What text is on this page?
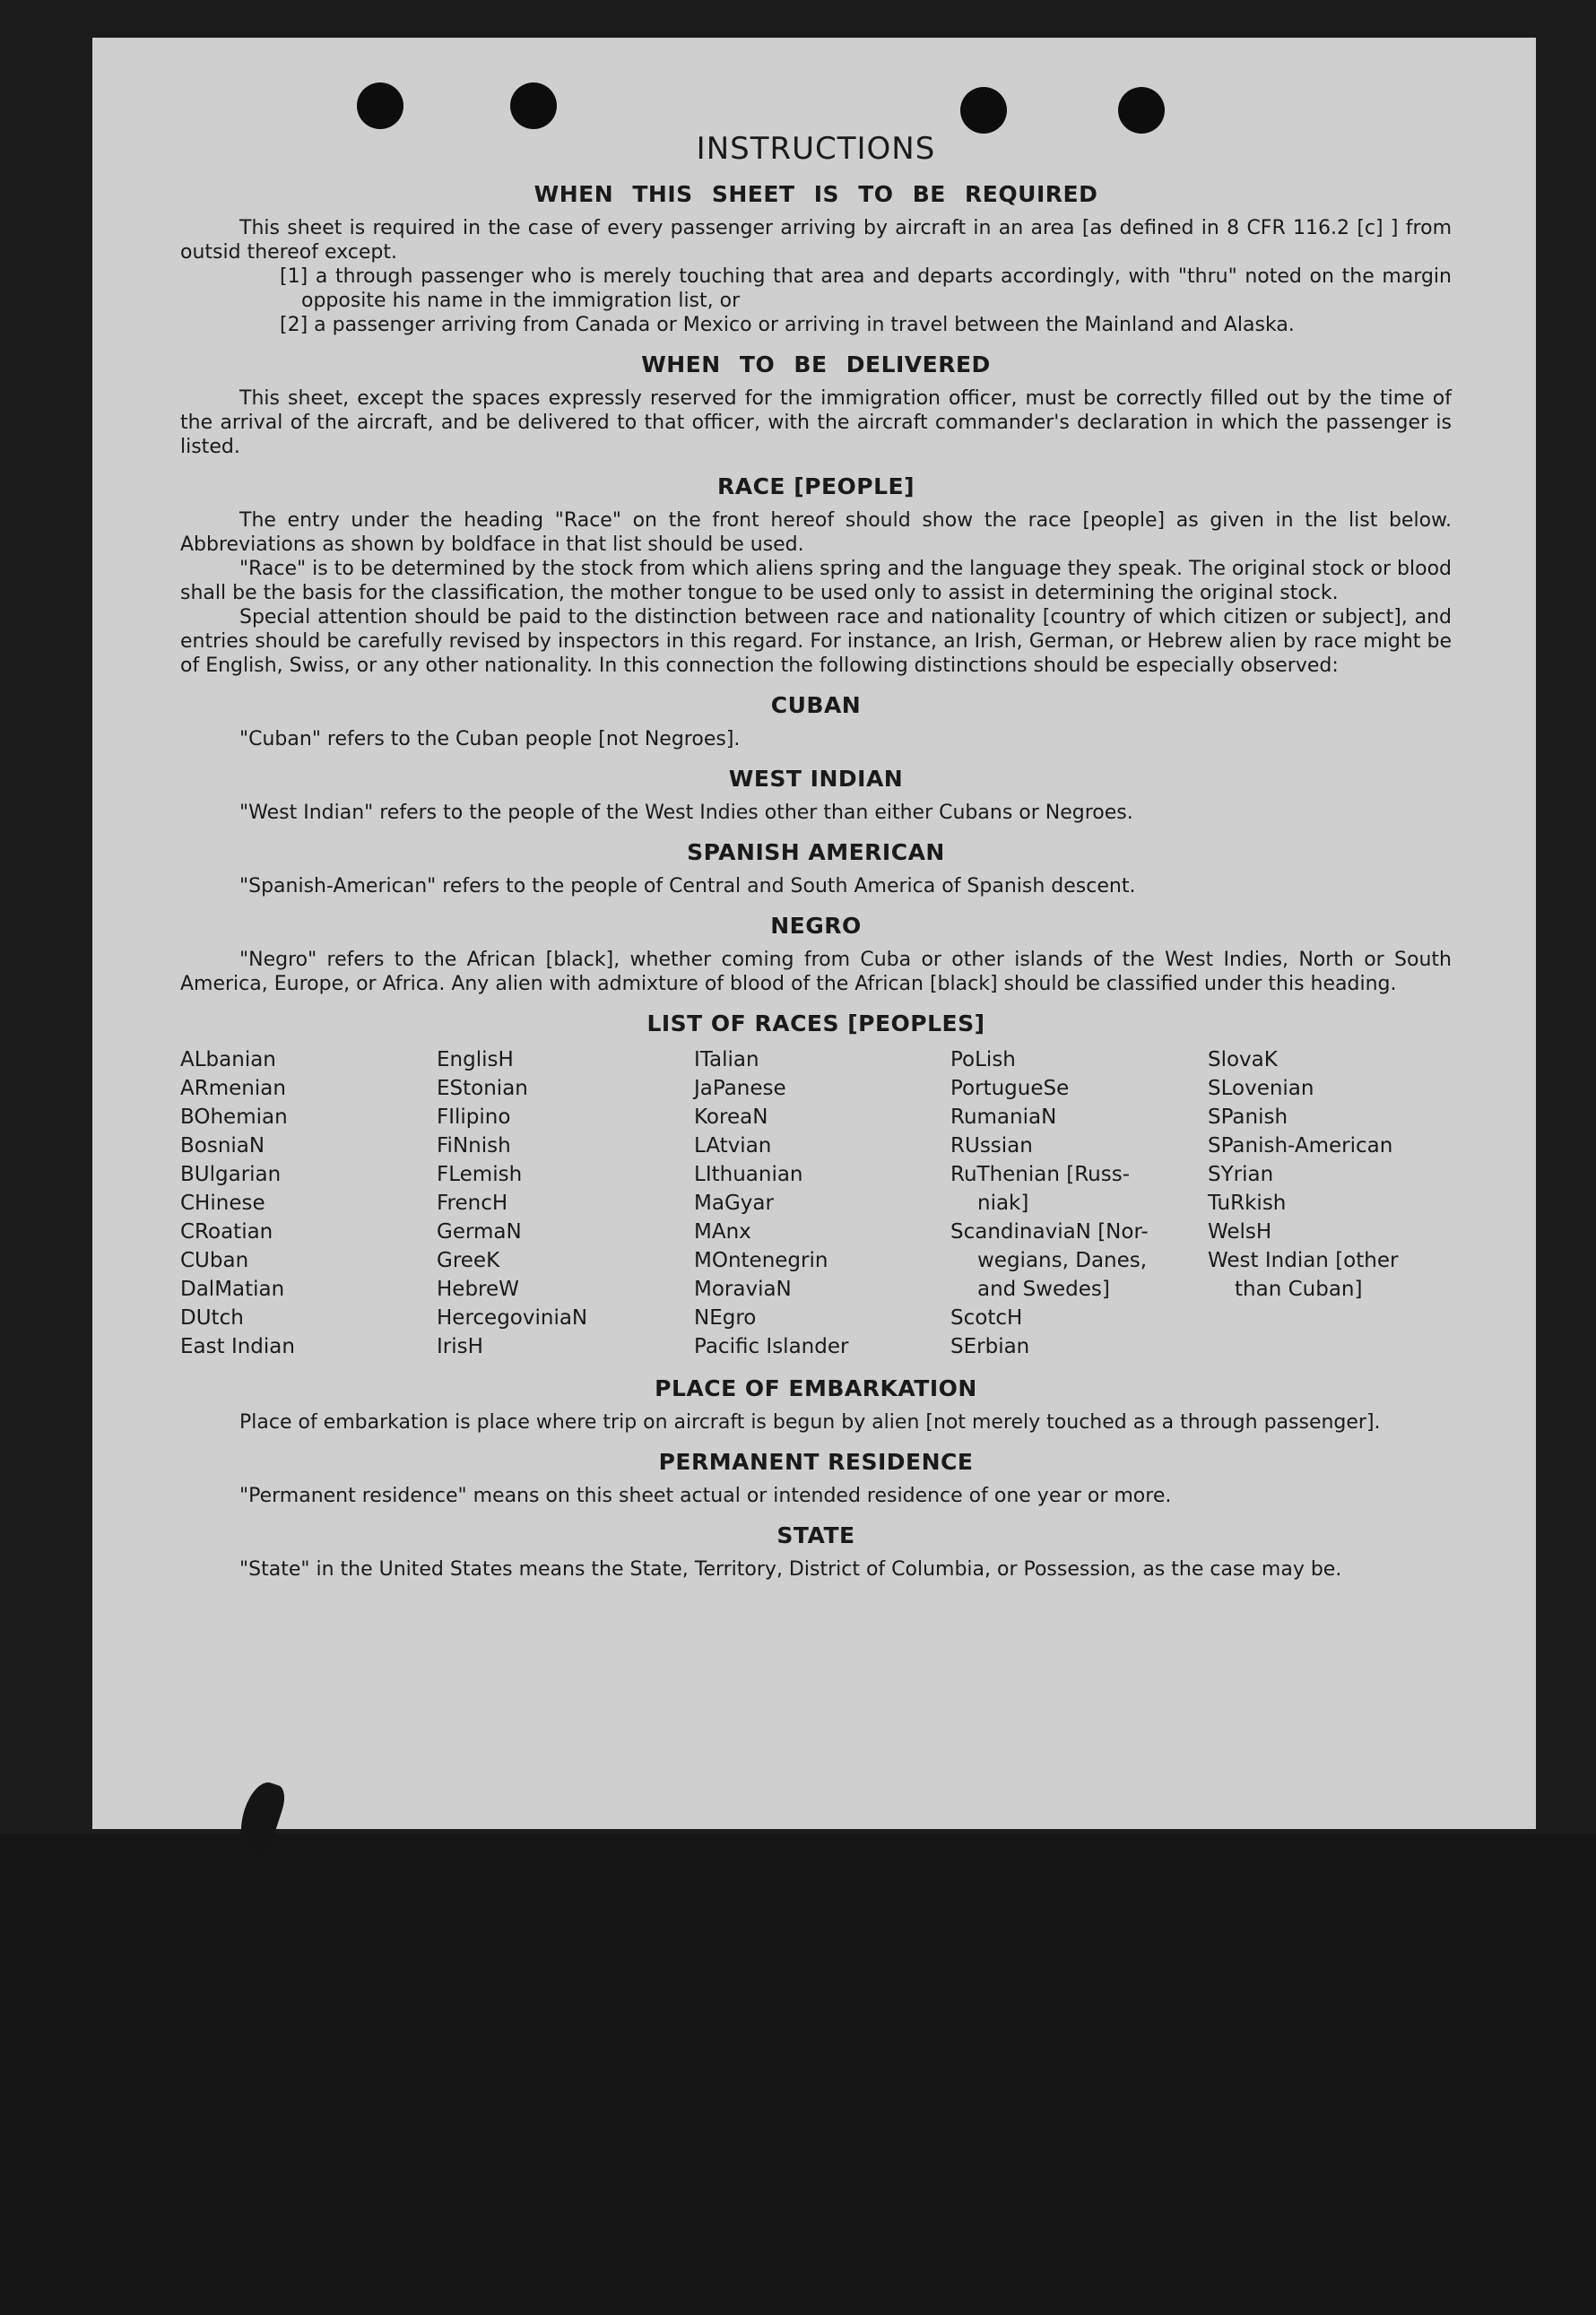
INSTRUCTIONS
WHEN THIS SHEET IS TO BE REQUIRED

This sheet is required in the case of every passenger arriving by aircraft in an area [as defined in 8 CFR 116.2 [c] ] from outsid thereof except.

[1] a through passenger who is merely touching that area and departs accordingly, with "thru" noted on the margin opposite his name in the immigration list, or

[2] a passenger arriving from Canada or Mexico or arriving in travel between the Mainland and Alaska.

WHEN TO BE DELIVERED

This sheet, except the spaces expressly reserved for the immigration officer, must be correctly filled out by the time of the arrival of the aircraft, and be delivered to that officer, with the aircraft commander's declaration in which the passenger is listed.

RACE [PEOPLE]

The entry under the heading "Race" on the front hereof should show the race [people] as given in the list below. Abbreviations as shown by boldface in that list should be used.

"Race" is to be determined by the stock from which aliens spring and the language they speak. The original stock or blood shall be the basis for the classification, the mother tongue to be used only to assist in determining the original stock.

Special attention should be paid to the distinction between race and nationality [country of which citizen or subject], and entries should be carefully revised by inspectors in this regard. For instance, an Irish, German, or Hebrew alien by race might be of English, Swiss, or any other nationality. In this connection the following distinctions should be especially observed:

CUBAN

"Cuban" refers to the Cuban people [not Negroes].

WEST INDIAN

"West Indian" refers to the people of the West Indies other than either Cubans or Negroes.

SPANISH AMERICAN

"Spanish-American" refers to the people of Central and South America of Spanish descent.

NEGRO

"Negro" refers to the African [black], whether coming from Cuba or other islands of the West Indies, North or South America, Europe, or Africa. Any alien with admixture of blood of the African [black] should be classified under this heading.

LIST OF RACES [PEOPLES]
ALbanian
ARmenian
BOhemian
BosniaN
BUlgarian
CHinese
CRoatian
CUban
DalMatian
DUtch
East Indian
EnglisH
EStonian
FIlipino
FiNnish
FLemish
FrencH
GermaN
GreeK
HebreW
HercegoviniaN
IrisH
ITalian
JaPanese
KoreaN
LAtvian
LIthuanian
MaGyar
MAnx
MOntenegrin
MoraviaN
NEgro
Pacific Islander
PoLish
PortugueSe
RumaniaN
RUssian
RuThenian [Russ-
niak]
ScandinaviaN [Nor-
wegians, Danes,
and Swedes]
ScotcH
SErbian
SlovaK
SLovenian
SPanish
SPanish-American
SYrian
TuRkish
WelsH
West Indian [other
than Cuban]
PLACE OF EMBARKATION

Place of embarkation is place where trip on aircraft is begun by alien [not merely touched as a through passenger].

PERMANENT RESIDENCE

"Permanent residence" means on this sheet actual or intended residence of one year or more.

STATE

"State" in the United States means the State, Territory, District of Columbia, or Possession, as the case may be.
